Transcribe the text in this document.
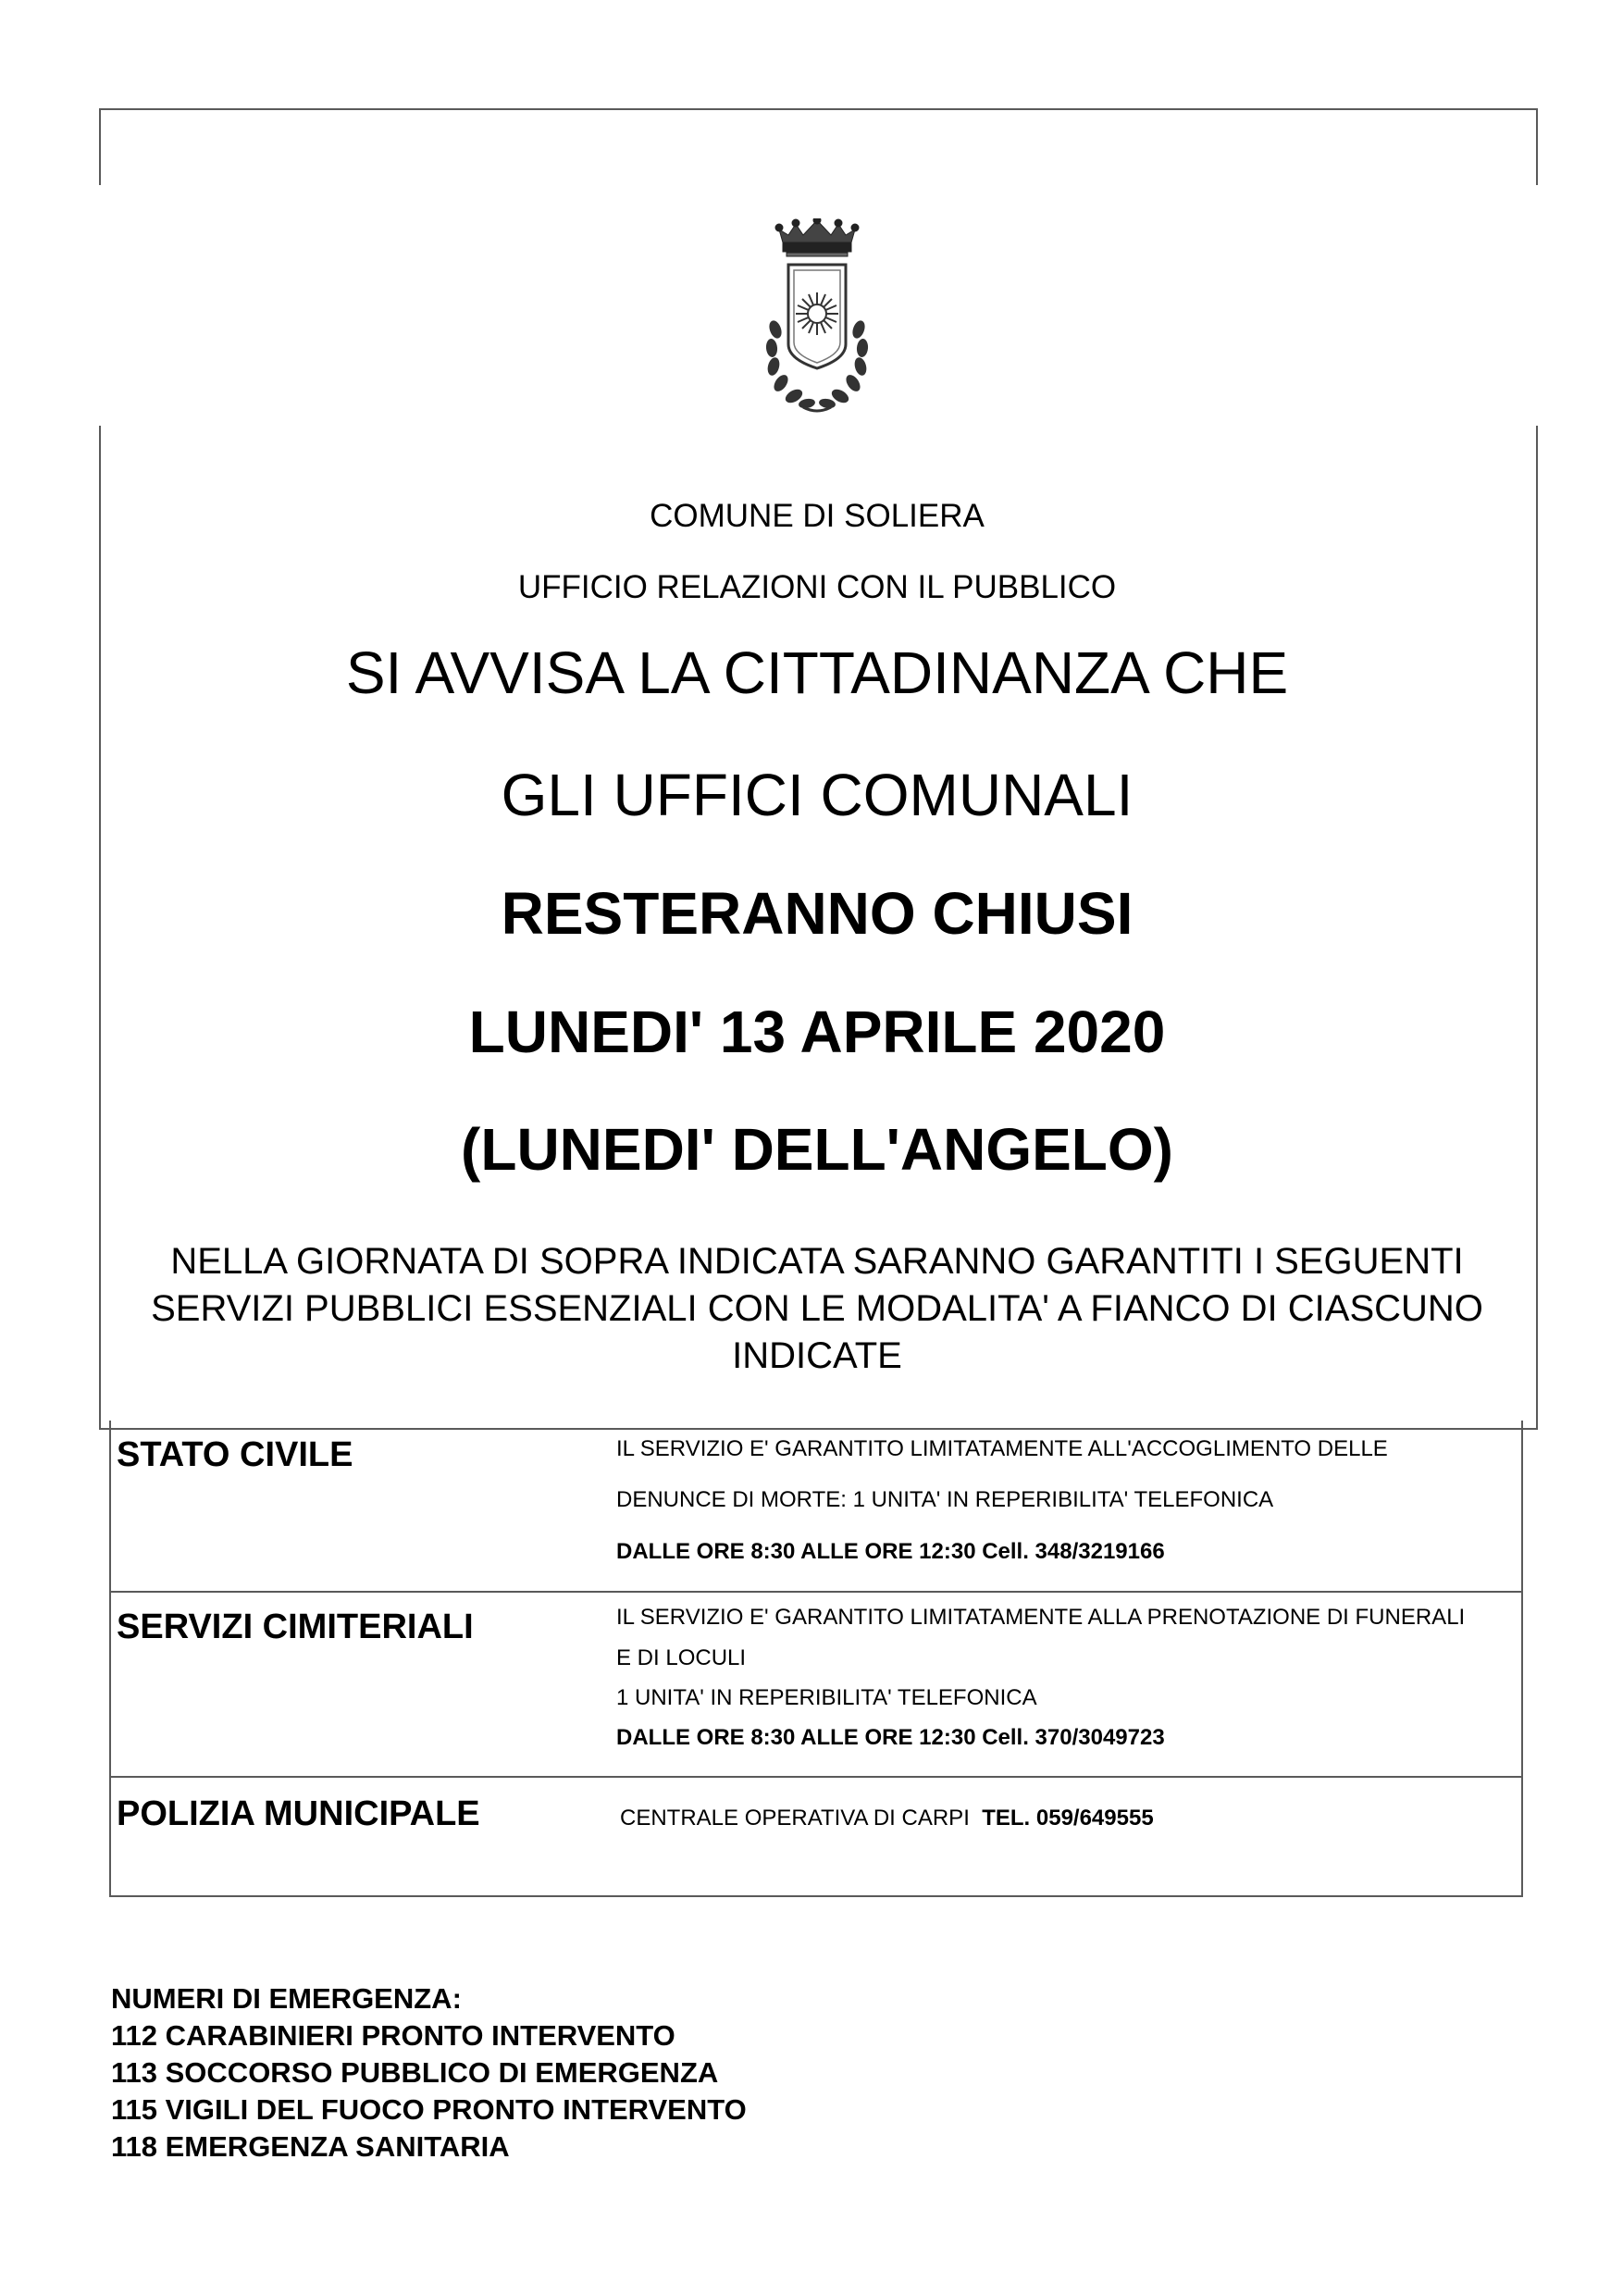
COMUNE DI SOLIERA
UFFICIO RELAZIONI CON IL PUBBLICO
SI AVVISA LA CITTADINANZA CHE
GLI UFFICI COMUNALI
RESTERANNO CHIUSI
LUNEDI' 13 APRILE 2020
(LUNEDI' DELL'ANGELO)
NELLA GIORNATA DI SOPRA INDICATA SARANNO GARANTITI I SEGUENTI SERVIZI PUBBLICI ESSENZIALI CON LE MODALITA' A FIANCO DI CIASCUNO INDICATE
STATO CIVILE	IL SERVIZIO E' GARANTITO LIMITATAMENTE ALL'ACCOGLIMENTO DELLE
DENUNCE DI MORTE: 1 UNITA' IN REPERIBILITA' TELEFONICA
DALLE ORE 8:30 ALLE ORE 12:30 Cell. 348/3219166
SERVIZI CIMITERIALI	IL SERVIZIO E' GARANTITO LIMITATAMENTE ALLA PRENOTAZIONE DI FUNERALI
E DI LOCULI
1 UNITA' IN REPERIBILITA' TELEFONICA
DALLE ORE 8:30 ALLE ORE 12:30 Cell. 370/3049723
POLIZIA MUNICIPALE	CENTRALE OPERATIVA DI CARPI TEL. 059/649555
NUMERI DI EMERGENZA:
112 CARABINIERI PRONTO INTERVENTO
113 SOCCORSO PUBBLICO DI EMERGENZA
115 VIGILI DEL FUOCO PRONTO INTERVENTO
118 EMERGENZA SANITARIA
